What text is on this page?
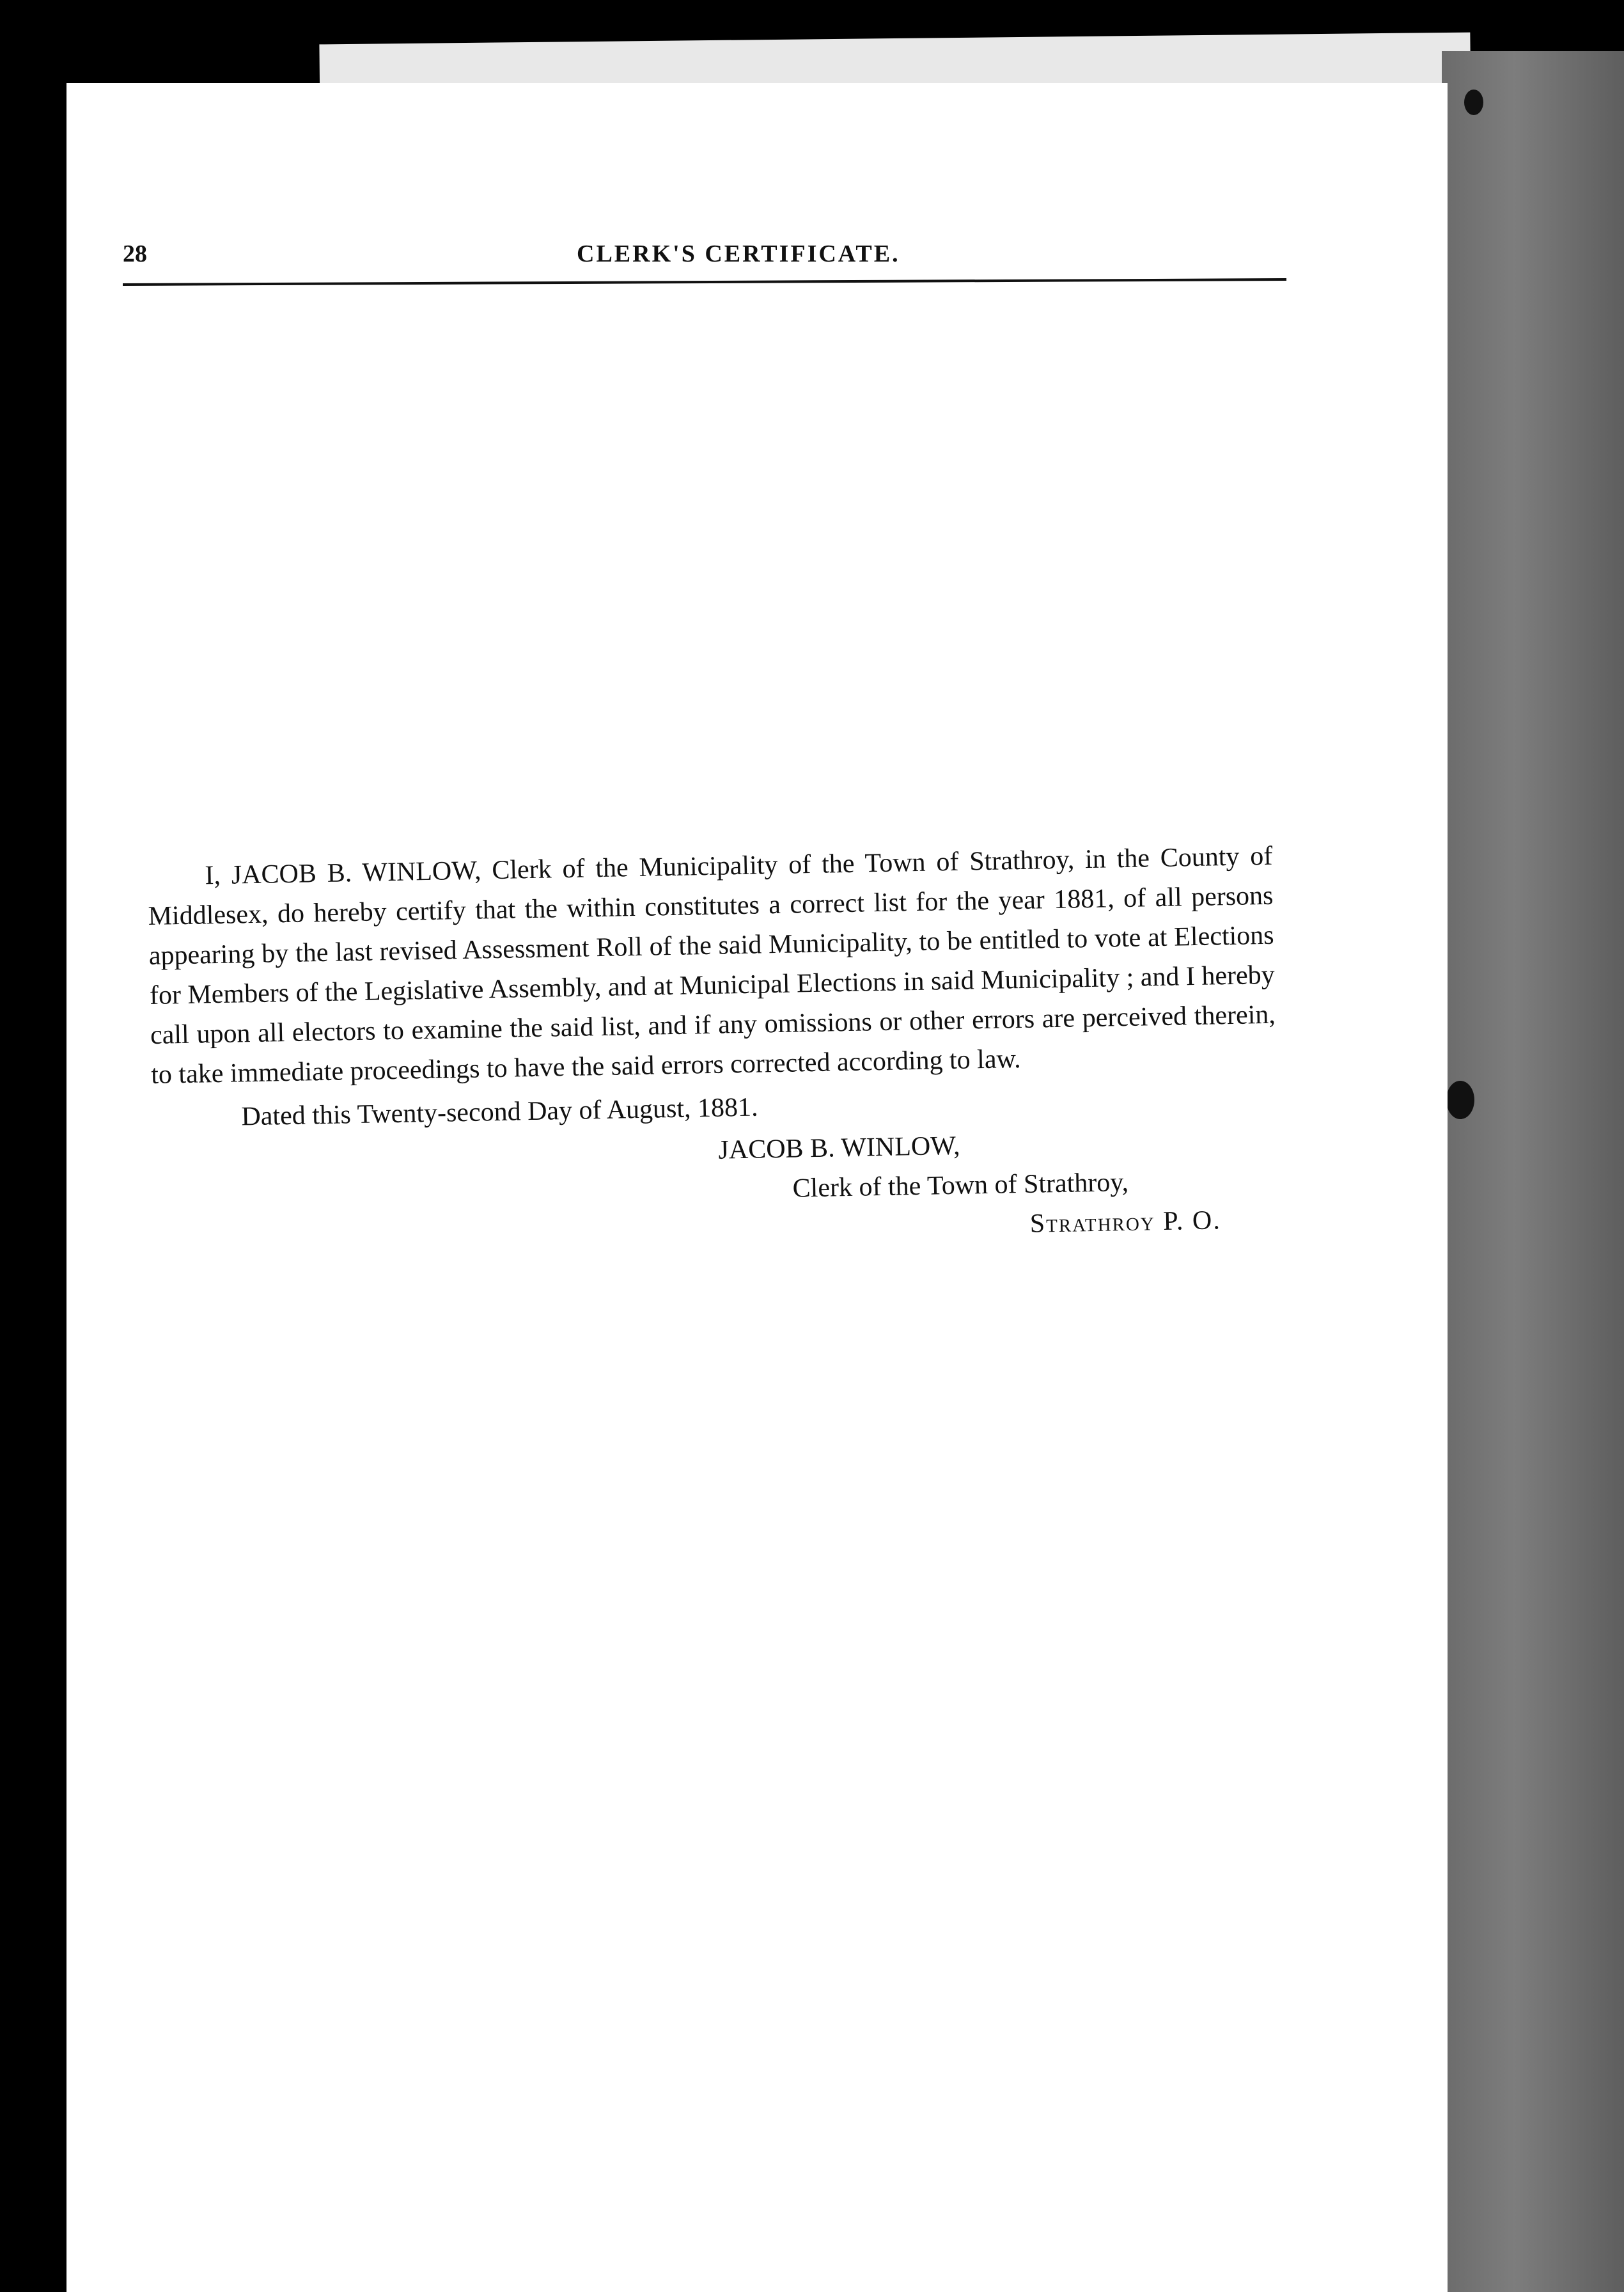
28	CLERK'S CERTIFICATE.

I, JACOB B. WINLOW, Clerk of the Municipality of the Town of Strathroy, in the County of Middlesex, do hereby certify that the within constitutes a correct list for the year 1881, of all persons appearing by the last revised Assessment Roll of the said Municipality, to be entitled to vote at Elections for Members of the Legislative Assembly, and at Municipal Elections in said Municipality ; and I hereby call upon all electors to examine the said list, and if any omissions or other errors are perceived therein, to take immediate proceedings to have the said errors corrected according to law.

Dated this Twenty-second Day of August, 1881.

JACOB B. WINLOW,

Clerk of the Town of Strathroy,

Strathroy P. O.
